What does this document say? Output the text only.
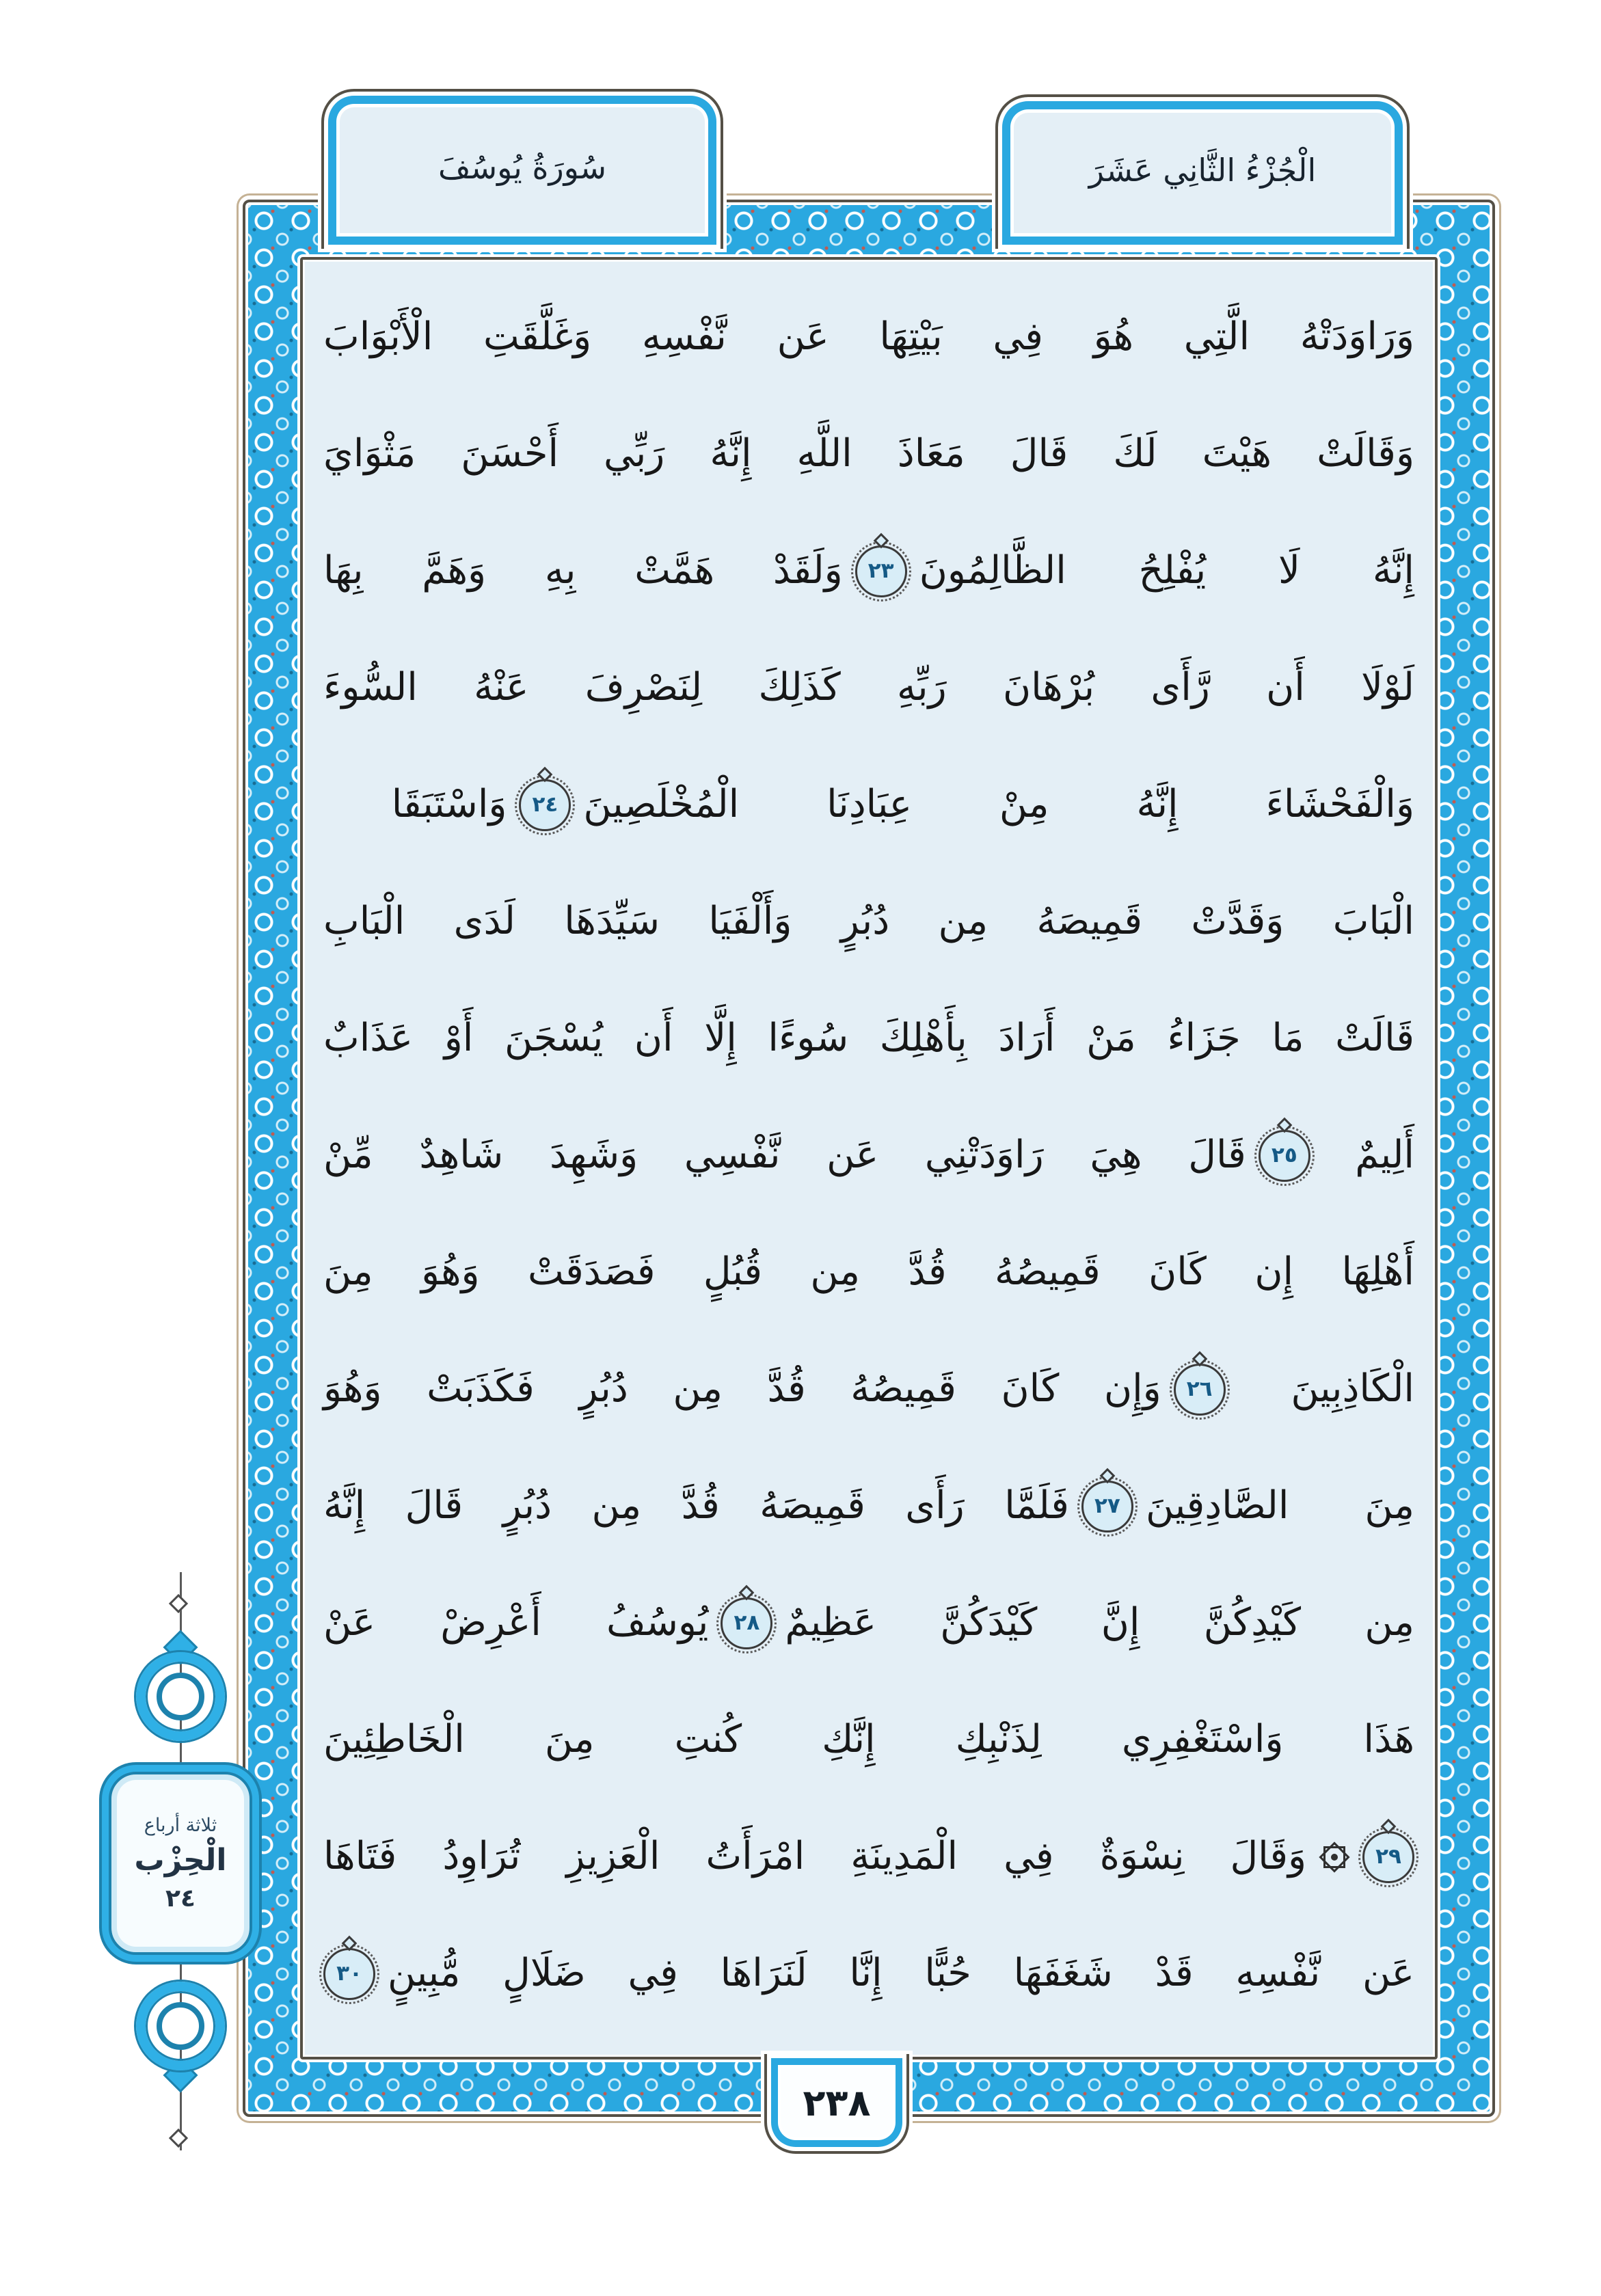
ثلاثة أرباع
الْحِزْب
٢٤
وَرَاوَدَتْهُ الَّتِي هُوَ فِي بَيْتِهَا عَن نَّفْسِهِ وَغَلَّقَتِ الْأَبْوَابَ
وَقَالَتْ هَيْتَ لَكَ قَالَ مَعَاذَ اللَّهِ إِنَّهُ رَبِّي أَحْسَنَ مَثْوَايَ
إِنَّهُ لَا يُفْلِحُ الظَّالِمُونَ
٢٣
وَلَقَدْ هَمَّتْ بِهِ وَهَمَّ بِهَا
لَوْلَا أَن رَّأَى بُرْهَانَ رَبِّهِ كَذَلِكَ لِنَصْرِفَ عَنْهُ السُّوءَ
وَالْفَحْشَاءَ إِنَّهُ مِنْ عِبَادِنَا الْمُخْلَصِينَ
٢٤
وَاسْتَبَقَا
الْبَابَ وَقَدَّتْ قَمِيصَهُ مِن دُبُرٍ وَأَلْفَيَا سَيِّدَهَا لَدَى الْبَابِ
قَالَتْ مَا جَزَاءُ مَنْ أَرَادَ بِأَهْلِكَ سُوءًا إِلَّا أَن يُسْجَنَ أَوْ عَذَابٌ
أَلِيمٌ
٢٥
قَالَ هِيَ رَاوَدَتْنِي عَن نَّفْسِي وَشَهِدَ شَاهِدٌ مِّنْ
أَهْلِهَا إِن كَانَ قَمِيصُهُ قُدَّ مِن قُبُلٍ فَصَدَقَتْ وَهُوَ مِنَ
الْكَاذِبِينَ
٢٦
وَإِن كَانَ قَمِيصُهُ قُدَّ مِن دُبُرٍ فَكَذَبَتْ وَهُوَ
مِنَ الصَّادِقِينَ
٢٧
فَلَمَّا رَأَى قَمِيصَهُ قُدَّ مِن دُبُرٍ قَالَ إِنَّهُ
مِن كَيْدِكُنَّ إِنَّ كَيْدَكُنَّ عَظِيمٌ
٢٨
يُوسُفُ أَعْرِضْ عَنْ
هَذَا وَاسْتَغْفِرِي لِذَنْبِكِ إِنَّكِ كُنتِ مِنَ الْخَاطِئِينَ
٢٩
وَقَالَ نِسْوَةٌ فِي الْمَدِينَةِ امْرَأَتُ الْعَزِيزِ تُرَاوِدُ فَتَاهَا
عَن نَّفْسِهِ قَدْ شَغَفَهَا حُبًّا إِنَّا لَنَرَاهَا فِي ضَلَالٍ مُّبِينٍ
٣٠
سُورَةُ يُوسُفَ	الْجُزْءُ الثَّانِي عَشَرَ
٢٣٨
